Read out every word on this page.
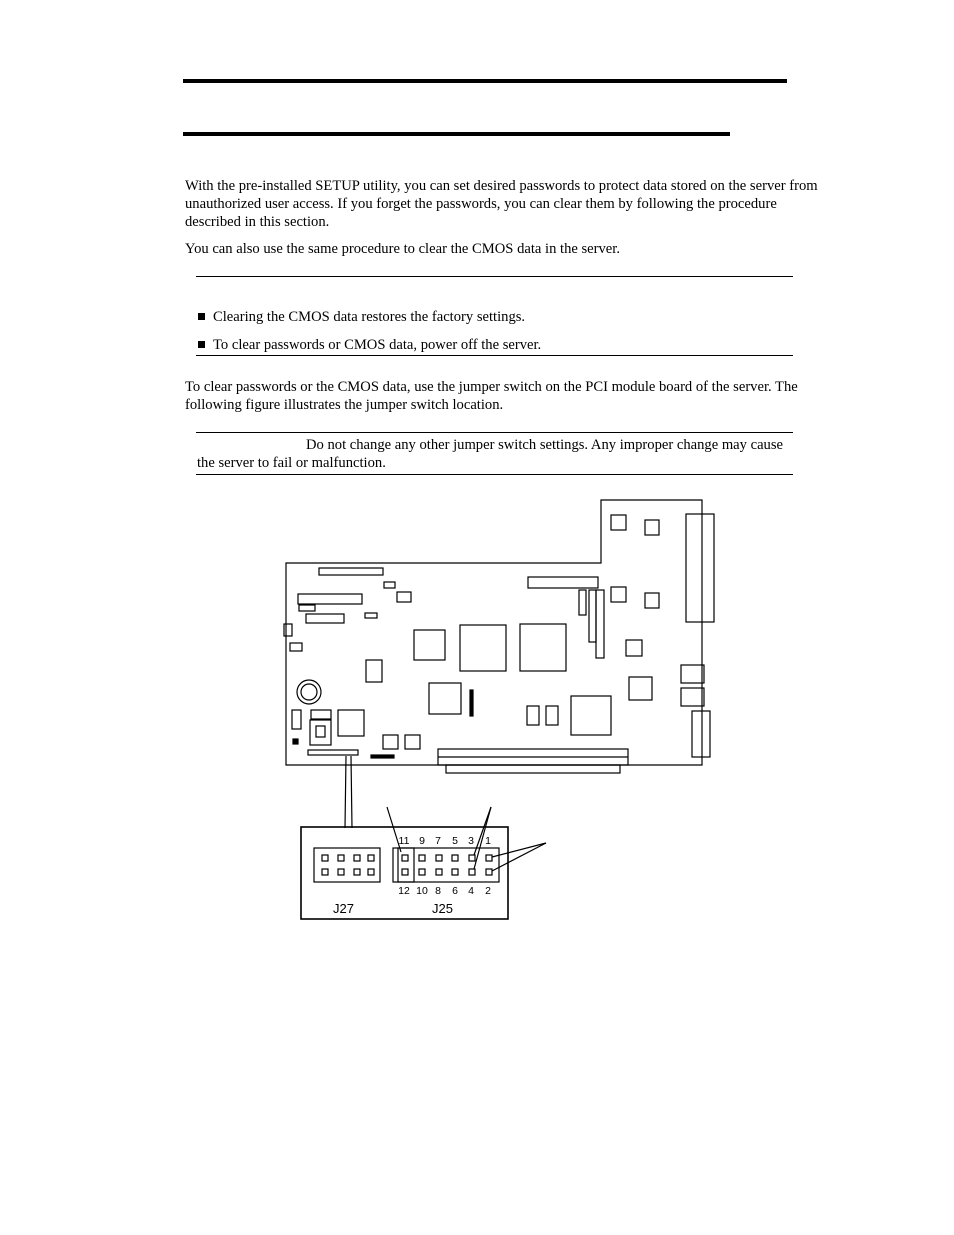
With the pre-installed SETUP utility, you can set desired passwords to protect data stored on the server from unauthorized user access. If you forget the passwords, you can clear them by following the procedure described in this section.

You can also use the same procedure to clear the CMOS data in the server.

Clearing the CMOS data restores the factory settings.
To clear passwords or CMOS data, power off the server.

To clear passwords or the CMOS data, use the jumper switch on the PCI module board of the server. The following figure illustrates the jumper switch location.

Do not change any other jumper switch settings. Any improper change may cause the server to fail or malfunction.

11 9 7 5 3 1
12 10 8 6 4 2
J27	J25
